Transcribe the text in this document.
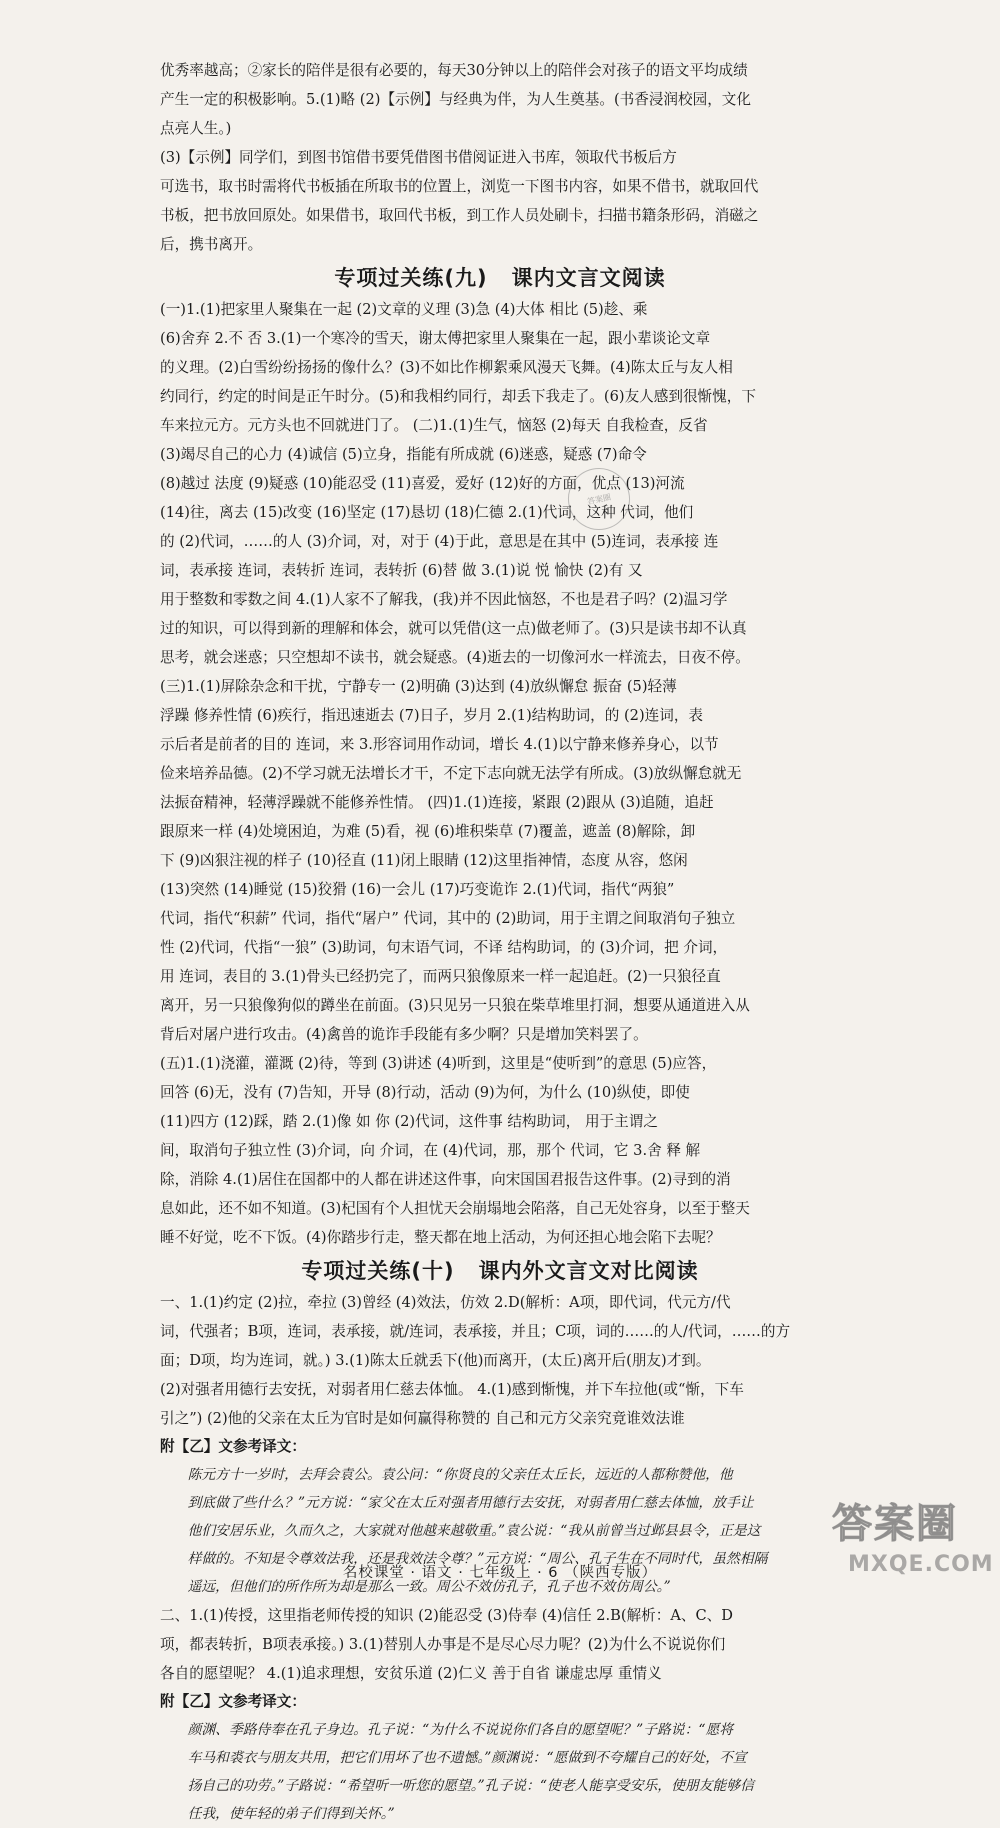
优秀率越高；②家长的陪伴是很有必要的，每天30分钟以上的陪伴会对孩子的语文平均成绩

产生一定的积极影响。5.(1)略 (2)【示例】与经典为伴，为人生奠基。(书香浸润校园，文化

点亮人生。)

(3)【示例】同学们，到图书馆借书要凭借图书借阅证进入书库，领取代书板后方

可选书，取书时需将代书板插在所取书的位置上，浏览一下图书内容，如果不借书，就取回代

书板，把书放回原处。如果借书，取回代书板，到工作人员处刷卡，扫描书籍条形码，消磁之

后，携书离开。

专项过关练(九) 课内文言文阅读

(一)1.(1)把家里人聚集在一起 (2)文章的义理 (3)急 (4)大体 相比 (5)趁、乘

(6)舍弃 2.不 否 3.(1)一个寒冷的雪天，谢太傅把家里人聚集在一起，跟小辈谈论文章

的义理。(2)白雪纷纷扬扬的像什么？(3)不如比作柳絮乘风漫天飞舞。(4)陈太丘与友人相

约同行，约定的时间是正午时分。(5)和我相约同行，却丢下我走了。(6)友人感到很惭愧，下

车来拉元方。元方头也不回就进门了。 (二)1.(1)生气，恼怒 (2)每天 自我检查，反省

(3)竭尽自己的心力 (4)诚信 (5)立身，指能有所成就 (6)迷惑，疑惑 (7)命令

(8)越过 法度 (9)疑惑 (10)能忍受 (11)喜爱，爱好 (12)好的方面，优点 (13)河流

(14)往，离去 (15)改变 (16)坚定 (17)恳切 (18)仁德 2.(1)代词，这种 代词，他们

的 (2)代词，……的人 (3)介词，对，对于 (4)于此，意思是在其中 (5)连词，表承接 连

词，表承接 连词，表转折 连词，表转折 (6)替 做 3.(1)说 悦 愉快 (2)有 又

用于整数和零数之间 4.(1)人家不了解我，(我)并不因此恼怒，不也是君子吗？(2)温习学

过的知识，可以得到新的理解和体会，就可以凭借(这一点)做老师了。(3)只是读书却不认真

思考，就会迷惑；只空想却不读书，就会疑惑。(4)逝去的一切像河水一样流去，日夜不停。

(三)1.(1)屏除杂念和干扰，宁静专一 (2)明确 (3)达到 (4)放纵懈怠 振奋 (5)轻薄

浮躁 修养性情 (6)疾行，指迅速逝去 (7)日子，岁月 2.(1)结构助词，的 (2)连词，表

示后者是前者的目的 连词，来 3.形容词用作动词，增长 4.(1)以宁静来修养身心，以节

俭来培养品德。(2)不学习就无法增长才干，不定下志向就无法学有所成。(3)放纵懈怠就无

法振奋精神，轻薄浮躁就不能修养性情。 (四)1.(1)连接，紧跟 (2)跟从 (3)追随，追赶

跟原来一样 (4)处境困迫，为难 (5)看，视 (6)堆积柴草 (7)覆盖，遮盖 (8)解除，卸

下 (9)凶狠注视的样子 (10)径直 (11)闭上眼睛 (12)这里指神情，态度 从容，悠闲

(13)突然 (14)睡觉 (15)狡猾 (16)一会儿 (17)巧变诡诈 2.(1)代词，指代“两狼”

代词，指代“积薪” 代词，指代“屠户” 代词，其中的 (2)助词，用于主谓之间取消句子独立

性 (2)代词，代指“一狼” (3)助词，句末语气词，不译 结构助词，的 (3)介词，把 介词，

用 连词，表目的 3.(1)骨头已经扔完了，而两只狼像原来一样一起追赶。(2)一只狼径直

离开，另一只狼像狗似的蹲坐在前面。(3)只见另一只狼在柴草堆里打洞，想要从通道进入从

背后对屠户进行攻击。(4)禽兽的诡诈手段能有多少啊？只是增加笑料罢了。

(五)1.(1)浇灌，灌溉 (2)待，等到 (3)讲述 (4)听到，这里是“使听到”的意思 (5)应答，

回答 (6)无，没有 (7)告知，开导 (8)行动，活动 (9)为何，为什么 (10)纵使，即使

(11)四方 (12)踩，踏 2.(1)像 如 你 (2)代词，这件事 结构助词， 用于主谓之

间，取消句子独立性 (3)介词，向 介词，在 (4)代词，那，那个 代词，它 3.舍 释 解

除，消除 4.(1)居住在国都中的人都在讲述这件事，向宋国国君报告这件事。(2)寻到的消

息如此，还不如不知道。(3)杞国有个人担忧天会崩塌地会陷落，自己无处容身，以至于整天

睡不好觉，吃不下饭。(4)你踏步行走，整天都在地上活动，为何还担心地会陷下去呢？

专项过关练(十) 课内外文言文对比阅读

一、1.(1)约定 (2)拉，牵拉 (3)曾经 (4)效法，仿效 2.D(解析：A项，即代词，代元方/代

词，代强者；B项，连词，表承接，就/连词，表承接，并且；C项，词的……的人/代词，……的方

面；D项，均为连词，就。) 3.(1)陈太丘就丢下(他)而离开，(太丘)离开后(朋友)才到。

(2)对强者用德行去安抚，对弱者用仁慈去体恤。 4.(1)感到惭愧，并下车拉他(或“惭，下车

引之”) (2)他的父亲在太丘为官时是如何赢得称赞的 自己和元方父亲究竟谁效法谁

附【乙】文参考译文：

陈元方十一岁时，去拜会袁公。袁公问：“你贤良的父亲任太丘长，远近的人都称赞他，他

到底做了些什么？”元方说：“家父在太丘对强者用德行去安抚，对弱者用仁慈去体恤，放手让

他们安居乐业，久而久之，大家就对他越来越敬重。”袁公说：“我从前曾当过邺县县令，正是这

样做的。不知是令尊效法我，还是我效法令尊？”元方说：“周公、孔子生在不同时代，虽然相隔

遥远，但他们的所作所为却是那么一致。周公不效仿孔子，孔子也不效仿周公。”

二、1.(1)传授，这里指老师传授的知识 (2)能忍受 (3)侍奉 (4)信任 2.B(解析：A、C、D

项，都表转折，B项表承接。) 3.(1)替别人办事是不是尽心尽力呢？(2)为什么不说说你们

各自的愿望呢？ 4.(1)追求理想，安贫乐道 (2)仁义 善于自省 谦虚忠厚 重情义

附【乙】文参考译文：

颜渊、季路侍奉在孔子身边。孔子说：“为什么不说说你们各自的愿望呢？”子路说：“愿将

车马和裘衣与朋友共用，把它们用坏了也不遗憾。”颜渊说：“愿做到不夸耀自己的好处，不宣

扬自己的功劳。”子路说：“希望听一听您的愿望。”孔子说：“使老人能享受安乐，使朋友能够信

任我，使年轻的弟子们得到关怀。”

答案圈
名校课堂 · 语文 · 七年级上 · 6 （陕西专版）
答案圈
MXQE.COM
